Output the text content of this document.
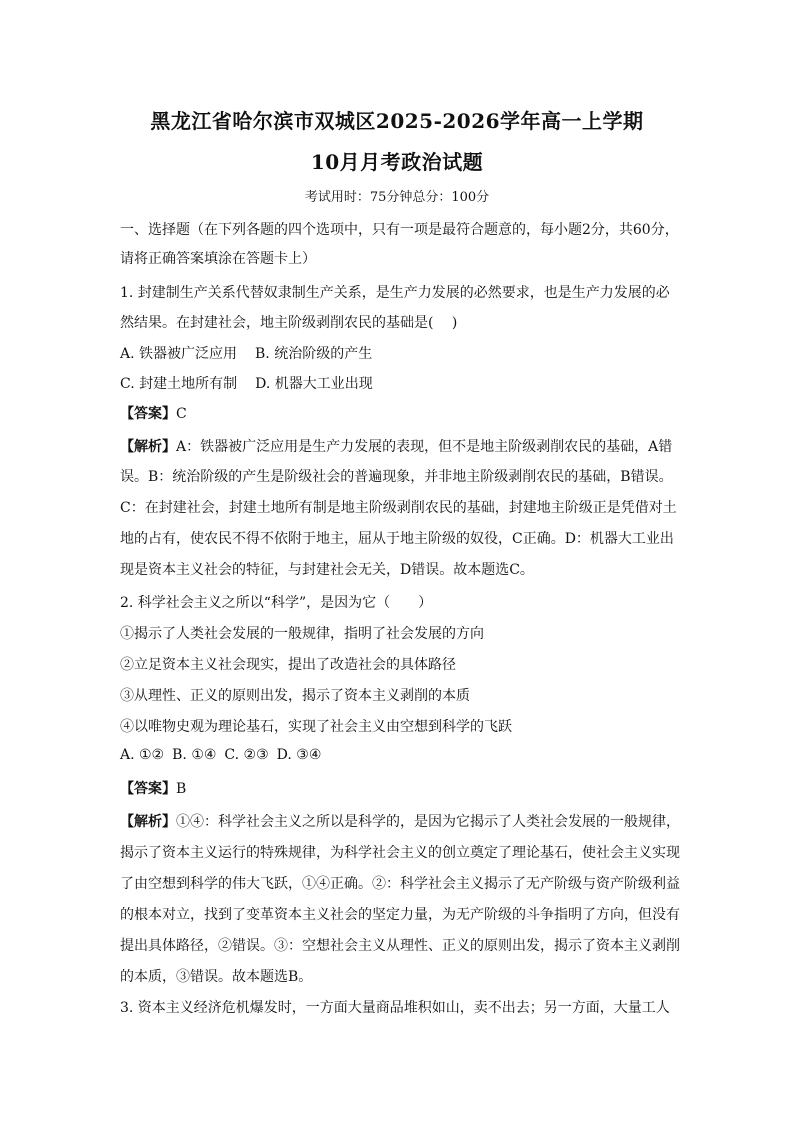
黑龙江省哈尔滨市双城区2025-2026学年高一上学期
10月月考政治试题
考试用时：75分钟总分：100分
一、选择题（在下列各题的四个选项中，只有一项是最符合题意的，每小题2分，共60分，
请将正确答案填涂在答题卡上）
1. 封建制生产关系代替奴隶制生产关系，是生产力发展的必然要求，也是生产力发展的必
然结果。在封建社会，地主阶级剥削农民的基础是(　 )
A. 铁器被广泛应用 B. 统治阶级的产生
C. 封建土地所有制 D. 机器大工业出现
【答案】C
【解析】A：铁器被广泛应用是生产力发展的表现，但不是地主阶级剥削农民的基础，A错
误。B：统治阶级的产生是阶级社会的普遍现象，并非地主阶级剥削农民的基础，B错误。
C：在封建社会，封建土地所有制是地主阶级剥削农民的基础，封建地主阶级正是凭借对土
地的占有，使农民不得不依附于地主，屈从于地主阶级的奴役，C正确。D：机器大工业出
现是资本主义社会的特征，与封建社会无关，D错误。故本题选C。
2. 科学社会主义之所以“科学”，是因为它（　　）
①揭示了人类社会发展的一般规律，指明了社会发展的方向
②立足资本主义社会现实，提出了改造社会的具体路径
③从理性、正义的原则出发，揭示了资本主义剥削的本质
④以唯物史观为理论基石，实现了社会主义由空想到科学的飞跃
A. ①② B. ①④ C. ②③ D. ③④
【答案】B
【解析】①④：科学社会主义之所以是科学的，是因为它揭示了人类社会发展的一般规律，
揭示了资本主义运行的特殊规律，为科学社会主义的创立奠定了理论基石，使社会主义实现
了由空想到科学的伟大飞跃，①④正确。②：科学社会主义揭示了无产阶级与资产阶级利益
的根本对立，找到了变革资本主义社会的坚定力量，为无产阶级的斗争指明了方向，但没有
提出具体路径，②错误。③：空想社会主义从理性、正义的原则出发，揭示了资本主义剥削
的本质，③错误。故本题选B。
3. 资本主义经济危机爆发时，一方面大量商品堆积如山，卖不出去；另一方面，大量工人
